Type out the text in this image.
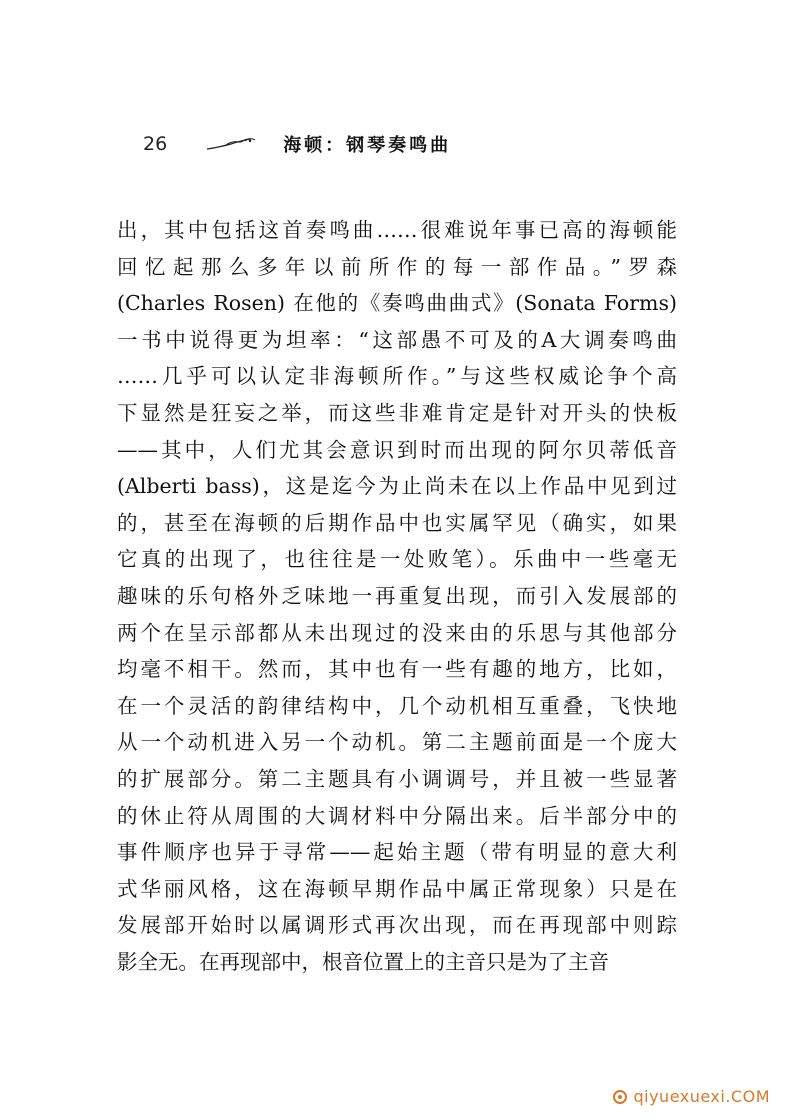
26	海顿：钢琴奏鸣曲
出，其中包括这首奏鸣曲……很难说年事已高的海顿能
回忆起那么多年以前所作的每一部作品。”罗森
(Charles Rosen) 在他的《奏鸣曲曲式》(Sonata Forms)
一书中说得更为坦率：“这部愚不可及的A大调奏鸣曲
……几乎可以认定非海顿所作。”与这些权威论争个高
下显然是狂妄之举，而这些非难肯定是针对开头的快板
——其中，人们尤其会意识到时而出现的阿尔贝蒂低音
(Alberti bass)，这是迄今为止尚未在以上作品中见到过
的，甚至在海顿的后期作品中也实属罕见（确实，如果
它真的出现了，也往往是一处败笔）。乐曲中一些毫无
趣味的乐句格外乏味地一再重复出现，而引入发展部的
两个在呈示部都从未出现过的没来由的乐思与其他部分
均毫不相干。然而，其中也有一些有趣的地方，比如，
在一个灵活的韵律结构中，几个动机相互重叠，飞快地
从一个动机进入另一个动机。第二主题前面是一个庞大
的扩展部分。第二主题具有小调调号，并且被一些显著
的休止符从周围的大调材料中分隔出来。后半部分中的
事件顺序也异于寻常——起始主题（带有明显的意大利
式华丽风格，这在海顿早期作品中属正常现象）只是在
发展部开始时以属调形式再次出现，而在再现部中则踪
影全无。在再现部中，根音位置上的主音只是为了主音
qiyuexuexi.COM
